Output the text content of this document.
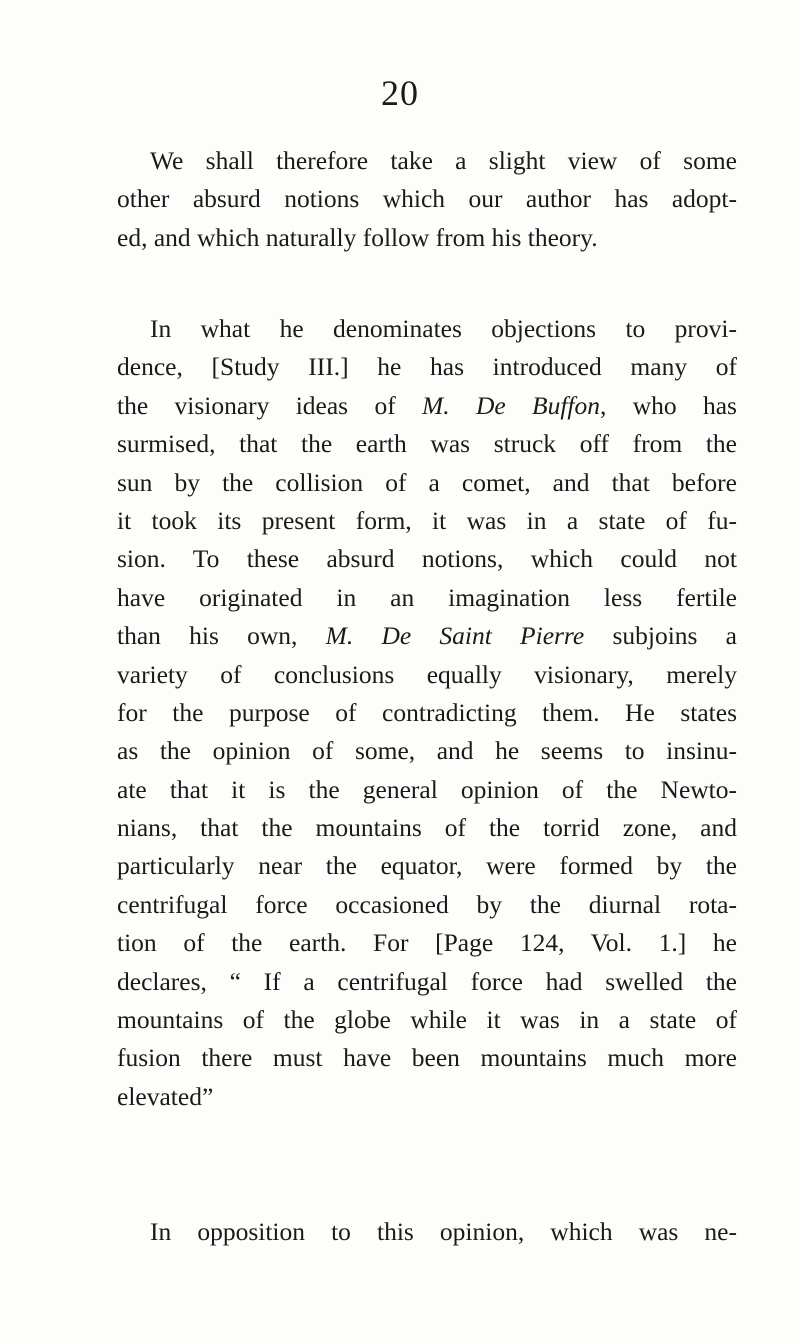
20
We shall therefore take a slight view of some
other absurd notions which our author has adopt-
ed, and which naturally follow from his theory.
In what he denominates objections to provi-
dence, [Study III.] he has introduced many of
the visionary ideas of M. De Buffon, who has
surmised, that the earth was struck off from the
sun by the collision of a comet, and that before
it took its present form, it was in a state of fu-
sion. To these absurd notions, which could not
have originated in an imagination less fertile
than his own, M. De Saint Pierre subjoins a
variety of conclusions equally visionary, merely
for the purpose of contradicting them. He states
as the opinion of some, and he seems to insinu-
ate that it is the general opinion of the Newto-
nians, that the mountains of the torrid zone, and
particularly near the equator, were formed by the
centrifugal force occasioned by the diurnal rota-
tion of the earth. For [Page 124, Vol. 1.] he
declares, “ If a centrifugal force had swelled the
mountains of the globe while it was in a state of
fusion there must have been mountains much more
elevated”
In opposition to this opinion, which was ne-
